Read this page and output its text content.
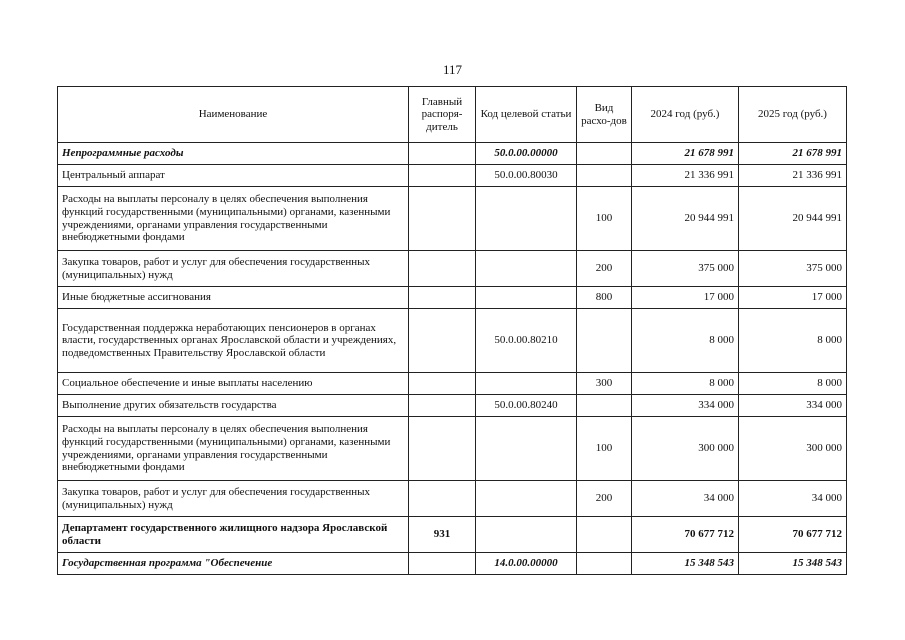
117
Наименование	Главный распоря-дитель	Код целевой статьи	Вид расхо-дов	2024 год (руб.)	2025 год (руб.)
Непрограммные расходы		50.0.00.00000		21 678 991	21 678 991
Центральный аппарат		50.0.00.80030		21 336 991	21 336 991
Расходы на выплаты персоналу в целях обеспечения выполнения функций государственными (муниципальными) органами, казенными учреждениями, органами управления государственными внебюджетными фондами			100	20 944 991	20 944 991
Закупка товаров, работ и услуг для обеспечения государственных (муниципальных) нужд			200	375 000	375 000
Иные бюджетные ассигнования			800	17 000	17 000
Государственная поддержка неработающих пенсионеров в органах власти, государственных органах Ярославской области и учреждениях, подведомственных Правительству Ярославской области		50.0.00.80210		8 000	8 000
Социальное обеспечение и иные выплаты населению			300	8 000	8 000
Выполнение других обязательств государства		50.0.00.80240		334 000	334 000
Расходы на выплаты персоналу в целях обеспечения выполнения функций государственными (муниципальными) органами, казенными учреждениями, органами управления государственными внебюджетными фондами			100	300 000	300 000
Закупка товаров, работ и услуг для обеспечения государственных (муниципальных) нужд			200	34 000	34 000
Департамент государственного жилищного надзора Ярославской области	931			70 677 712	70 677 712
Государственная программа "Обеспечение		14.0.00.00000		15 348 543	15 348 543
